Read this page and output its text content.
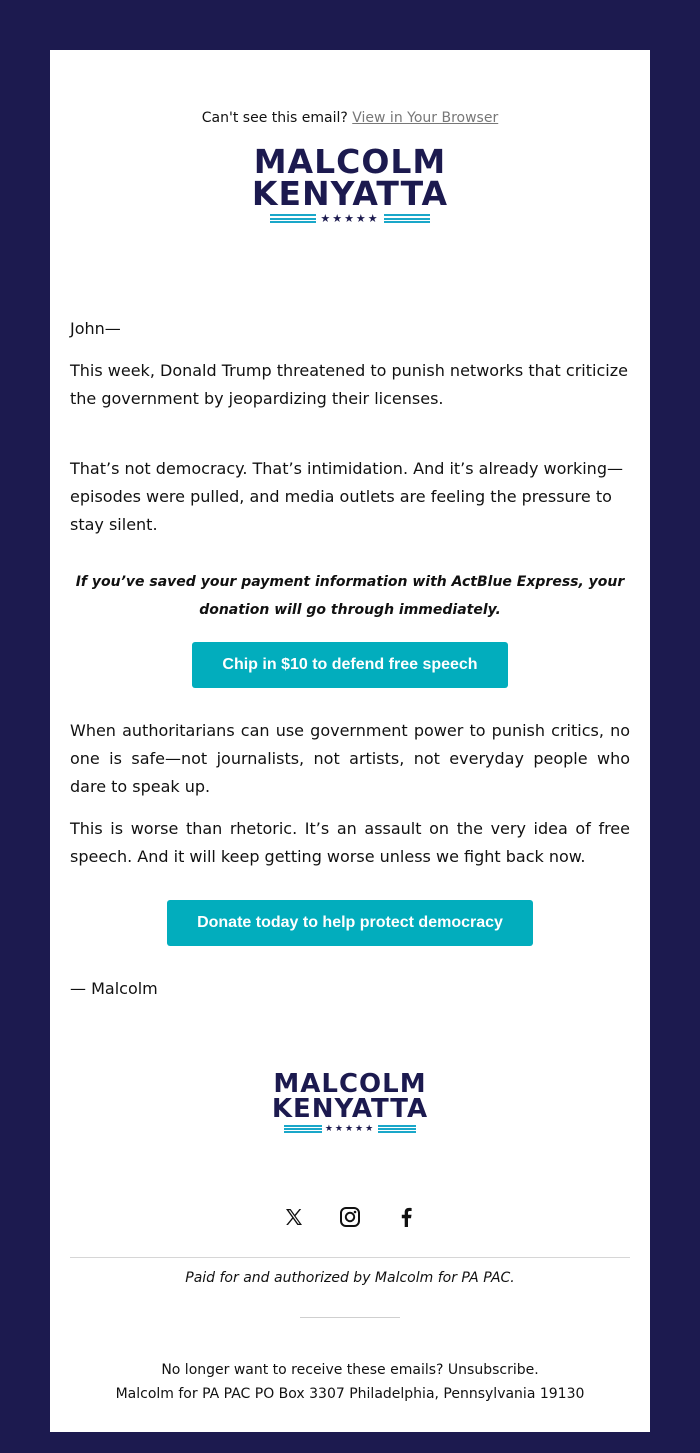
Can't see this email? View in Your Browser
MALCOLM
KENYATTA
★★★★★
John—
This week, Donald Trump threatened to punish networks that criticize the government by jeopardizing their licenses.
That’s not democracy. That’s intimidation. And it’s already working—episodes were pulled, and media outlets are feeling the pressure to stay silent.
If you’ve saved your payment information with ActBlue Express, your donation will go through immediately.
Chip in $10 to defend free speech
When authoritarians can use government power to punish critics, no one is safe—not journalists, not artists, not everyday people who dare to speak up.
This is worse than rhetoric. It’s an assault on the very idea of free speech. And it will keep getting worse unless we fight back now.
Donate today to help protect democracy
— Malcolm
MALCOLM
KENYATTA
★★★★★
Paid for and authorized by Malcolm for PA PAC.
No longer want to receive these emails? Unsubscribe.
Malcolm for PA PAC PO Box 3307 Philadelphia, Pennsylvania 19130
